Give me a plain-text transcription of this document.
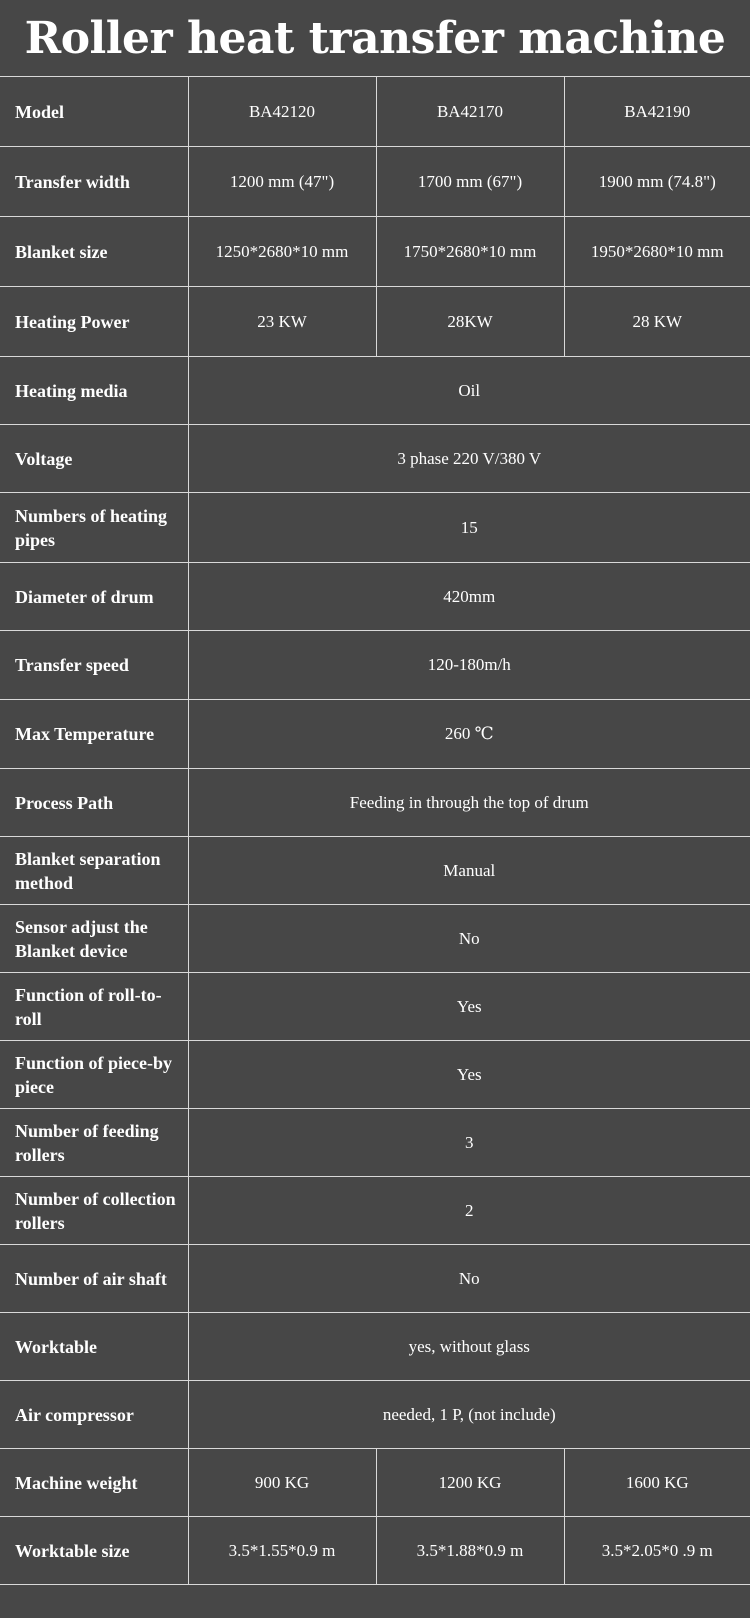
Roller heat transfer machine
Model	BA42120	BA42170	BA42190
Transfer width	1200 mm (47")	1700 mm (67")	1900 mm (74.8")
Blanket size	1250*2680*10 mm	1750*2680*10 mm	1950*2680*10 mm
Heating Power	23 KW	28KW	28 KW
Heating media	Oil		
Voltage	3 phase 220 V/380 V		
Numbers of heating pipes	15		
Diameter of drum	420mm		
Transfer speed	120-180m/h		
Max Temperature	260 ℃		
Process Path	Feeding in through the top of drum		
Blanket separation method	Manual		
Sensor adjust the Blanket device	No		
Function of roll-to-roll	Yes		
Function of piece-by piece	Yes		
Number of feeding rollers	3		
Number of collection rollers	2		
Number of air shaft	No		
Worktable	yes, without glass		
Air compressor	needed, 1 P, (not include)		
Machine weight	900 KG	1200 KG	1600 KG
Worktable size	3.5*1.55*0.9 m	3.5*1.88*0.9 m	3.5*2.05*0 .9 m
